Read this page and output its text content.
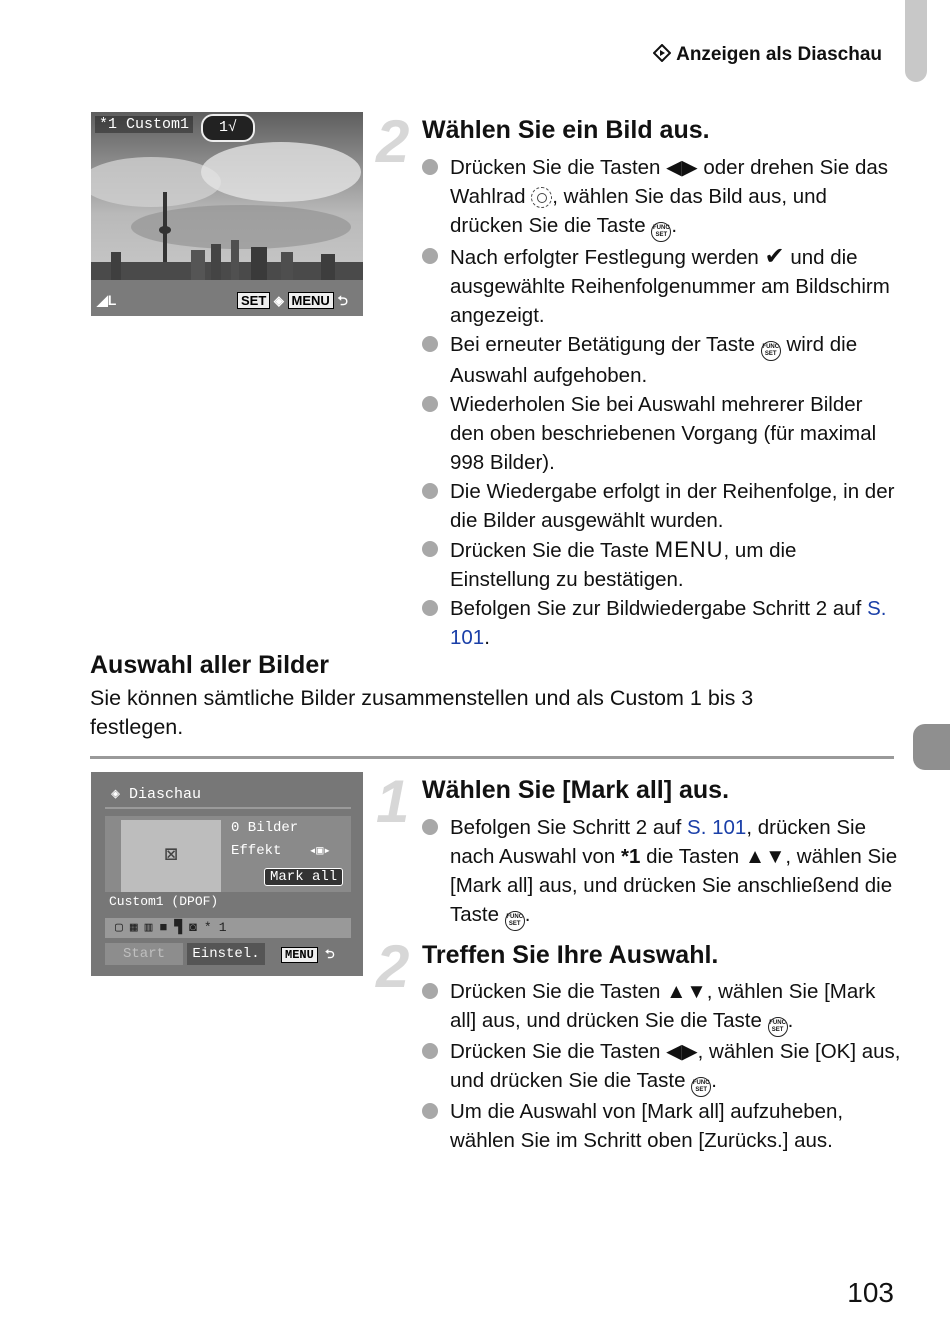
Anzeigen als Diaschau
*1 Custom1	1√
◢L	SET ◈ MENU ⮌
2 Wählen Sie ein Bild aus.
Drücken Sie die Tasten ◀▶ oder drehen Sie das Wahlrad , wählen Sie das Bild aus, und drücken Sie die Taste FUNC
SET .
Nach erfolgter Festlegung werden ✔ und die ausgewählte Reihenfolgenummer am Bildschirm angezeigt.
Bei erneuter Betätigung der Taste FUNC
SET wird die Auswahl aufgehoben.
Wiederholen Sie bei Auswahl mehrerer Bilder den oben beschriebenen Vorgang (für maximal 998 Bilder).
Die Wiedergabe erfolgt in der Reihenfolge, in der die Bilder ausgewählt wurden.
Drücken Sie die Taste MENU, um die Einstellung zu bestätigen.
Befolgen Sie zur Bildwiedergabe Schritt 2 auf S. 101.
Auswahl aller Bilder
Sie können sämtliche Bilder zusammenstellen und als Custom 1 bis 3 festlegen.
◈ Diaschau
⊠
0 Bilder
Effekt ◂▣▸
Mark all
Custom1 (DPOF)
▢▦▥■▜◙*1
Start	Einstel.	MENU ⮌
1 Wählen Sie [Mark all] aus.
Befolgen Sie Schritt 2 auf S. 101, drücken Sie nach Auswahl von *1 die Tasten ▲▼, wählen Sie [Mark all] aus, und drücken Sie anschließend die Taste FUNC
SET .
2 Treffen Sie Ihre Auswahl.
Drücken Sie die Tasten ▲▼, wählen Sie [Mark all] aus, und drücken Sie die Taste FUNC
SET .
Drücken Sie die Tasten ◀▶, wählen Sie [OK] aus, und drücken Sie die Taste FUNC
SET .
Um die Auswahl von [Mark all] aufzuheben, wählen Sie im Schritt oben [Zurücks.] aus.
103
